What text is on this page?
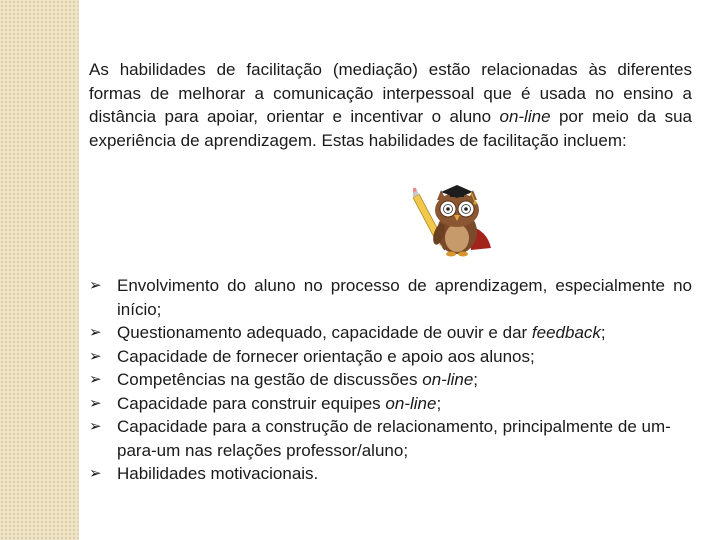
As habilidades de facilitação (mediação) estão relacionadas às diferentes formas de melhorar a comunicação interpessoal que é usada no ensino a distância para apoiar, orientar e incentivar o aluno on-line por meio da sua experiência de aprendizagem. Estas habilidades de facilitação incluem:

➢ Envolvimento do aluno no processo de aprendizagem, especialmente no início;
➢ Questionamento adequado, capacidade de ouvir e dar feedback;
➢ Capacidade de fornecer orientação e apoio aos alunos;
➢ Competências na gestão de discussões on-line;
➢ Capacidade para construir equipes on-line;
➢ Capacidade para a construção de relacionamento, principalmente de um-para-um nas relações professor/aluno;
➢ Habilidades motivacionais.
